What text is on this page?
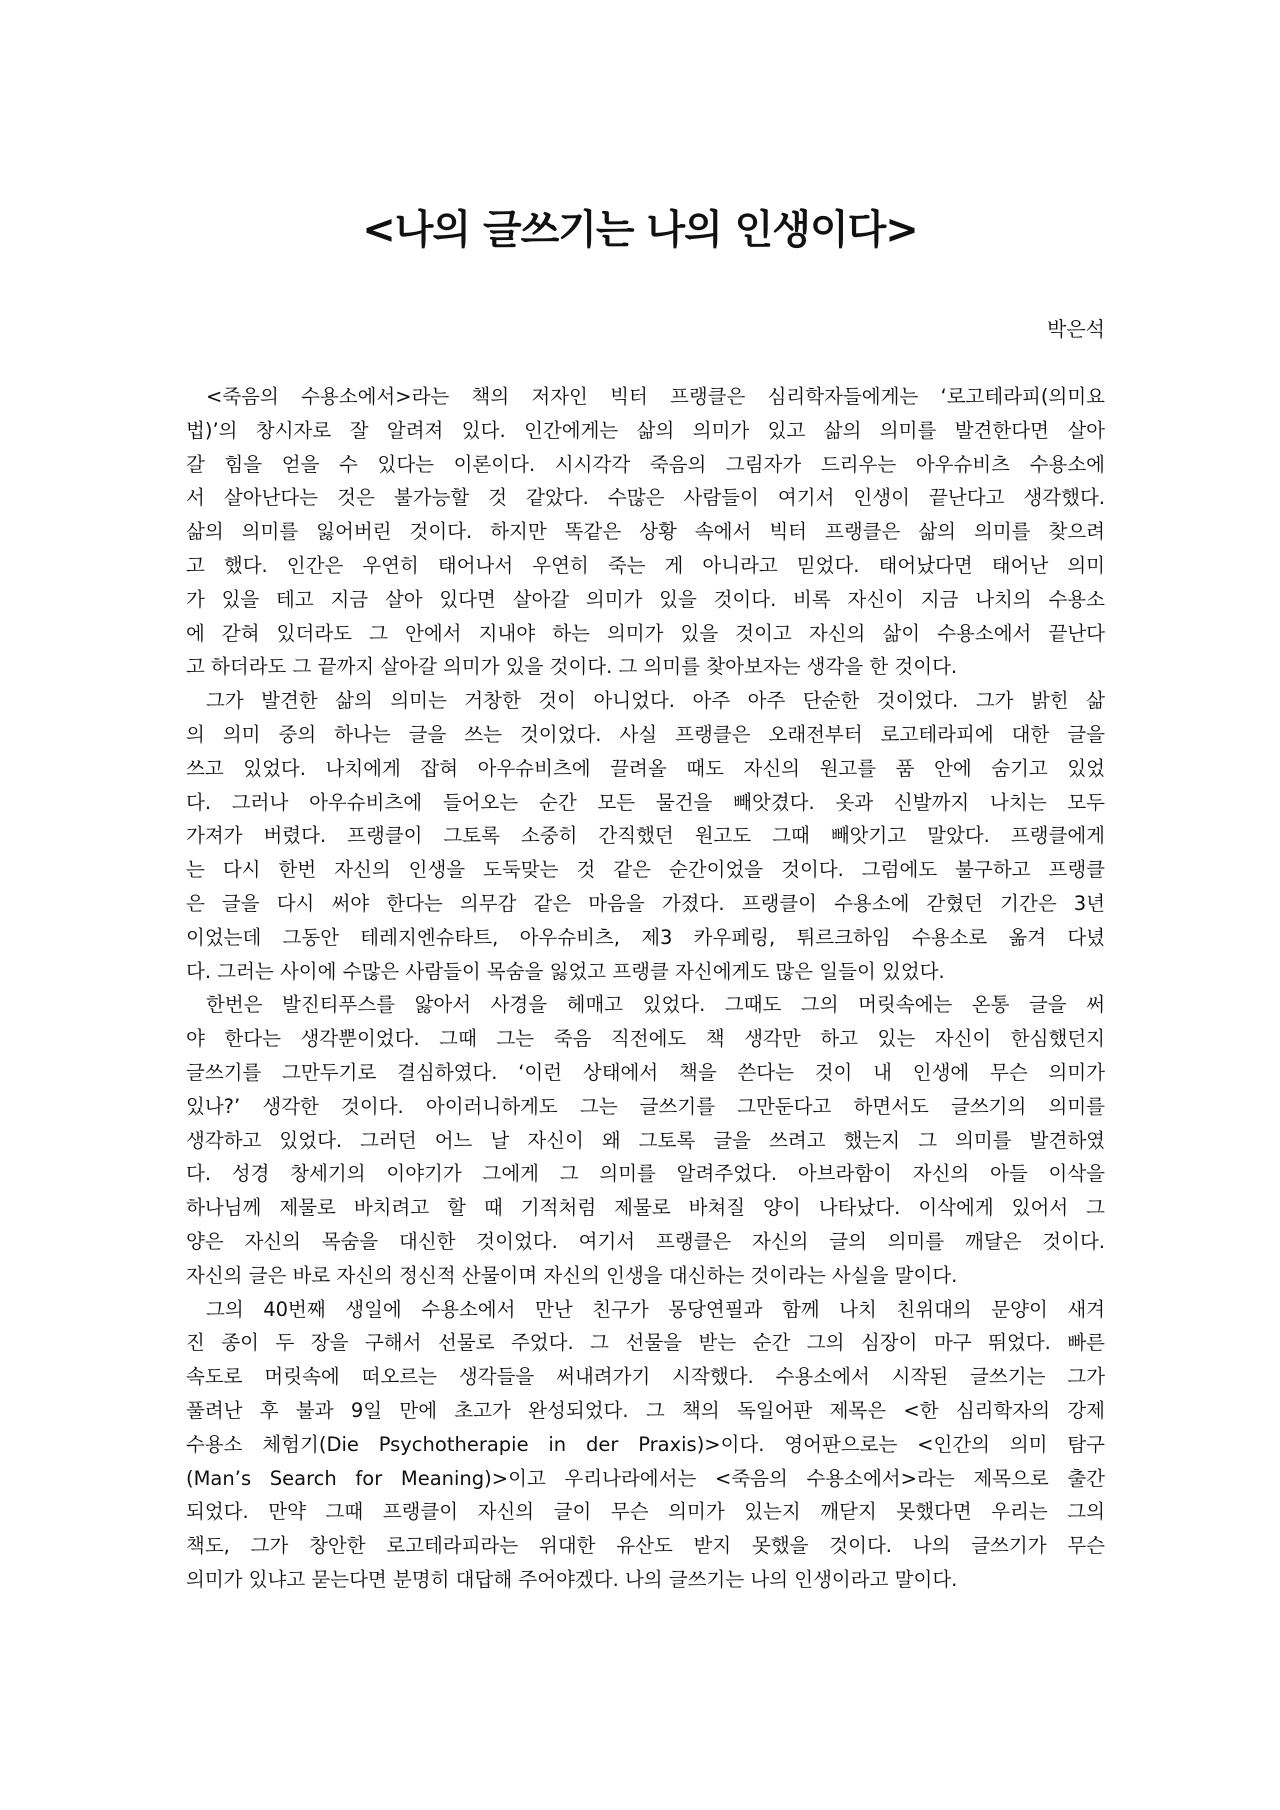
<나의 글쓰기는 나의 인생이다>
박은석
<죽음의 수용소에서>라는 책의 저자인 빅터 프랭클은 심리학자들에게는 ‘로고테라피(의미요
법)’의 창시자로 잘 알려져 있다. 인간에게는 삶의 의미가 있고 삶의 의미를 발견한다면 살아
갈 힘을 얻을 수 있다는 이론이다. 시시각각 죽음의 그림자가 드리우는 아우슈비츠 수용소에
서 살아난다는 것은 불가능할 것 같았다. 수많은 사람들이 여기서 인생이 끝난다고 생각했다.
삶의 의미를 잃어버린 것이다. 하지만 똑같은 상황 속에서 빅터 프랭클은 삶의 의미를 찾으려
고 했다. 인간은 우연히 태어나서 우연히 죽는 게 아니라고 믿었다. 태어났다면 태어난 의미
가 있을 테고 지금 살아 있다면 살아갈 의미가 있을 것이다. 비록 자신이 지금 나치의 수용소
에 갇혀 있더라도 그 안에서 지내야 하는 의미가 있을 것이고 자신의 삶이 수용소에서 끝난다
고 하더라도 그 끝까지 살아갈 의미가 있을 것이다. 그 의미를 찾아보자는 생각을 한 것이다.
그가 발견한 삶의 의미는 거창한 것이 아니었다. 아주 아주 단순한 것이었다. 그가 밝힌 삶
의 의미 중의 하나는 글을 쓰는 것이었다. 사실 프랭클은 오래전부터 로고테라피에 대한 글을
쓰고 있었다. 나치에게 잡혀 아우슈비츠에 끌려올 때도 자신의 원고를 품 안에 숨기고 있었
다. 그러나 아우슈비츠에 들어오는 순간 모든 물건을 빼앗겼다. 옷과 신발까지 나치는 모두
가져가 버렸다. 프랭클이 그토록 소중히 간직했던 원고도 그때 빼앗기고 말았다. 프랭클에게
는 다시 한번 자신의 인생을 도둑맞는 것 같은 순간이었을 것이다. 그럼에도 불구하고 프랭클
은 글을 다시 써야 한다는 의무감 같은 마음을 가졌다. 프랭클이 수용소에 갇혔던 기간은 3년
이었는데 그동안 테레지엔슈타트, 아우슈비츠, 제3 카우페링, 튀르크하임 수용소로 옮겨 다녔
다. 그러는 사이에 수많은 사람들이 목숨을 잃었고 프랭클 자신에게도 많은 일들이 있었다.
한번은 발진티푸스를 앓아서 사경을 헤매고 있었다. 그때도 그의 머릿속에는 온통 글을 써
야 한다는 생각뿐이었다. 그때 그는 죽음 직전에도 책 생각만 하고 있는 자신이 한심했던지
글쓰기를 그만두기로 결심하였다. ‘이런 상태에서 책을 쓴다는 것이 내 인생에 무슨 의미가
있나?’ 생각한 것이다. 아이러니하게도 그는 글쓰기를 그만둔다고 하면서도 글쓰기의 의미를
생각하고 있었다. 그러던 어느 날 자신이 왜 그토록 글을 쓰려고 했는지 그 의미를 발견하였
다. 성경 창세기의 이야기가 그에게 그 의미를 알려주었다. 아브라함이 자신의 아들 이삭을
하나님께 제물로 바치려고 할 때 기적처럼 제물로 바쳐질 양이 나타났다. 이삭에게 있어서 그
양은 자신의 목숨을 대신한 것이었다. 여기서 프랭클은 자신의 글의 의미를 깨달은 것이다.
자신의 글은 바로 자신의 정신적 산물이며 자신의 인생을 대신하는 것이라는 사실을 말이다.
그의 40번째 생일에 수용소에서 만난 친구가 몽당연필과 함께 나치 친위대의 문양이 새겨
진 종이 두 장을 구해서 선물로 주었다. 그 선물을 받는 순간 그의 심장이 마구 뛰었다. 빠른
속도로 머릿속에 떠오르는 생각들을 써내려가기 시작했다. 수용소에서 시작된 글쓰기는 그가
풀려난 후 불과 9일 만에 초고가 완성되었다. 그 책의 독일어판 제목은 <한 심리학자의 강제
수용소 체험기(Die Psychotherapie in der Praxis)>이다. 영어판으로는 <인간의 의미 탐구
(Man’s Search for Meaning)>이고 우리나라에서는 <죽음의 수용소에서>라는 제목으로 출간
되었다. 만약 그때 프랭클이 자신의 글이 무슨 의미가 있는지 깨닫지 못했다면 우리는 그의
책도, 그가 창안한 로고테라피라는 위대한 유산도 받지 못했을 것이다. 나의 글쓰기가 무슨
의미가 있냐고 묻는다면 분명히 대답해 주어야겠다. 나의 글쓰기는 나의 인생이라고 말이다.
